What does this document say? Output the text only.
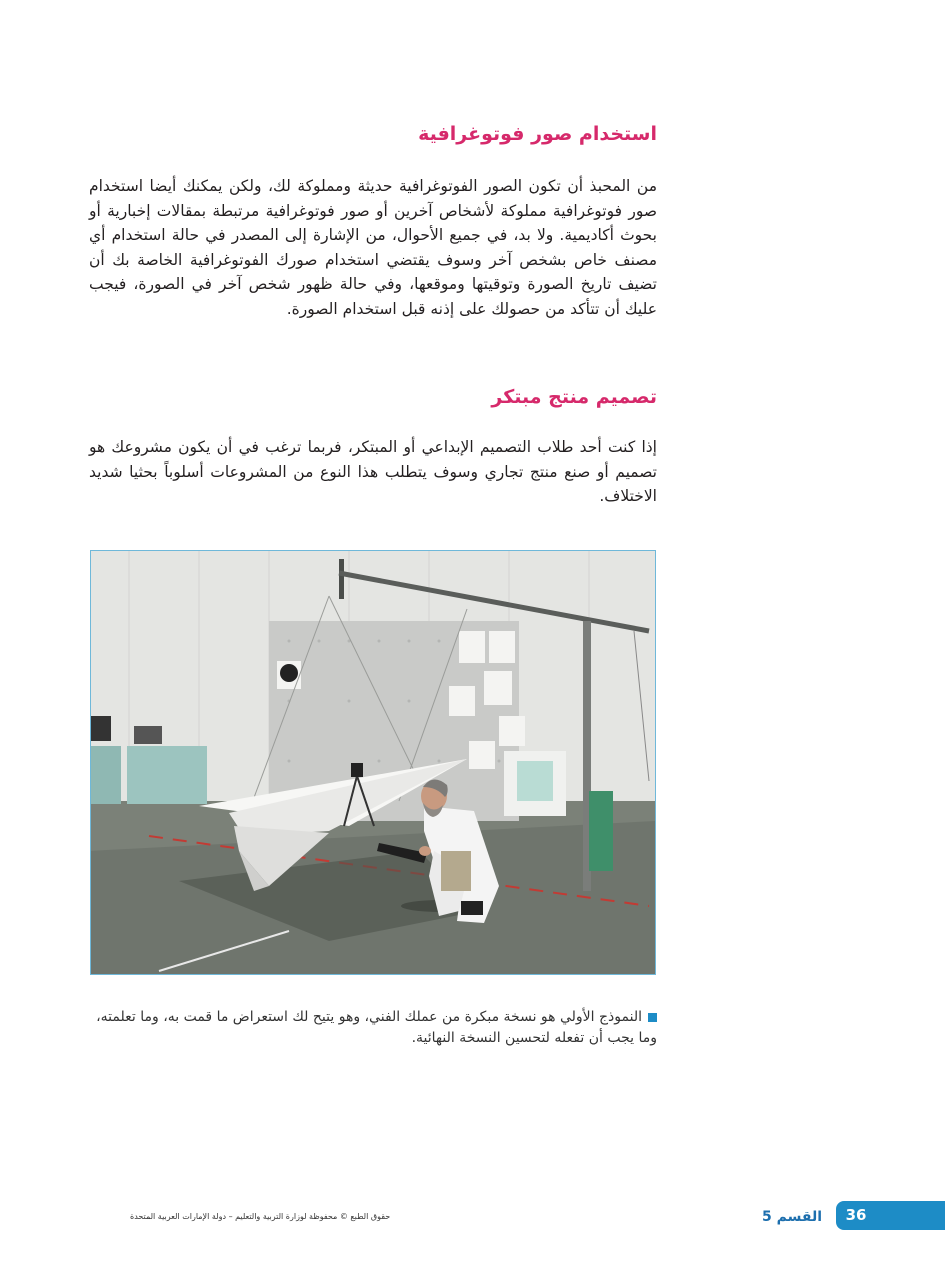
استخدام صور فوتوغرافية

من المحبذ أن تكون الصور الفوتوغرافية حديثة ومملوكة لك، ولكن يمكنك أيضا استخدام صور فوتوغرافية مملوكة لأشخاص آخرين أو صور فوتوغرافية مرتبطة بمقالات إخبارية أو بحوث أكاديمية. ولا بد، في جميع الأحوال، من الإشارة إلى المصدر في حالة استخدام أي مصنف خاص بشخص آخر وسوف يقتضي استخدام صورك الفوتوغرافية الخاصة بك أن تضيف تاريخ الصورة وتوقيتها وموقعها، وفي حالة ظهور شخص آخر في الصورة، فيجب عليك أن تتأكد من حصولك على إذنه قبل استخدام الصورة.

تصميم منتج مبتكر

إذا كنت أحد طلاب التصميم الإبداعي أو المبتكر، فربما ترغب في أن يكون مشروعك هو تصميم أو صنع منتج تجاري وسوف يتطلب هذا النوع من المشروعات أسلوباً بحثيا شديد الاختلاف.

النموذج الأولي هو نسخة مبكرة من عملك الفني، وهو يتيح لك استعراض ما قمت به، وما تعلمته، وما يجب أن تفعله لتحسين النسخة النهائية.

حقوق الطبع © محفوظة لوزارة التربية والتعليم – دولة الإمارات العربية المتحدة	القسم 5	36
